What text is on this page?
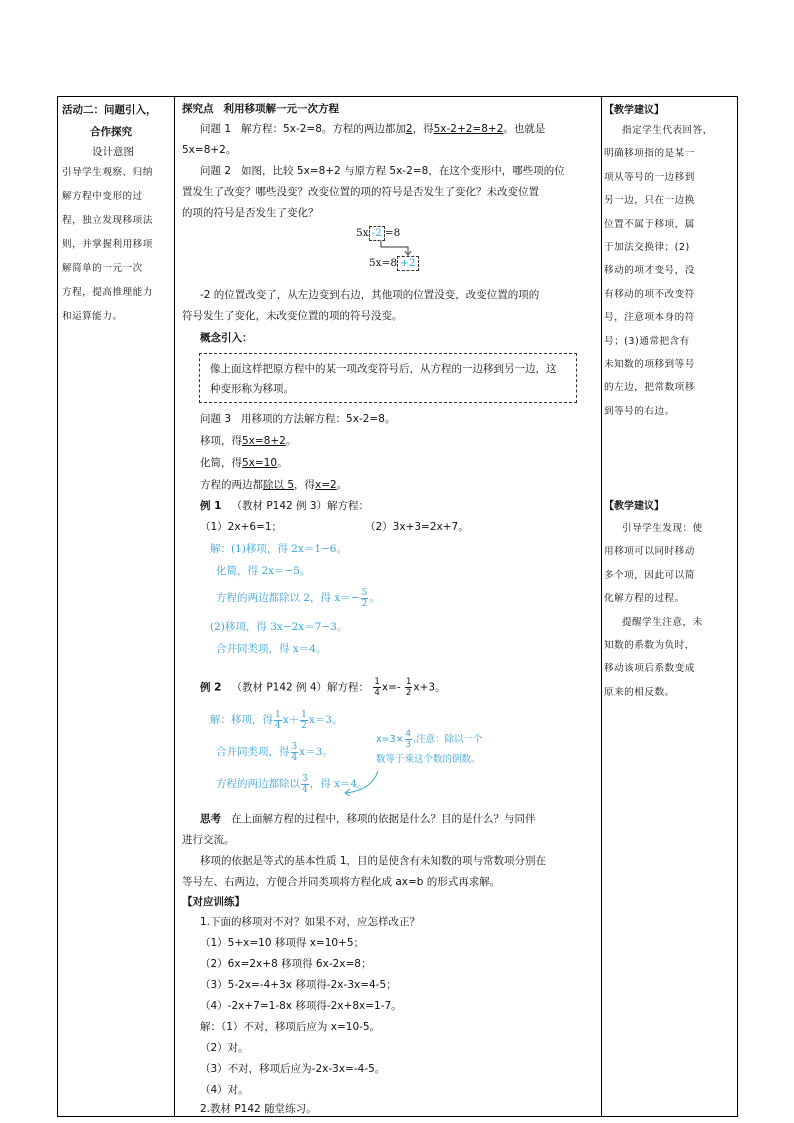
活动二：问题引入，
合作探究
设计意图
引导学生观察、归纳
解方程中变形的过
程，独立发现移项法
则，并掌握利用移项
解简单的一元一次
方程，提高推理能力
和运算能力。
探究点 利用移项解一元一次方程
问题 1 解方程：5x-2=8。方程的两边都加2，得5x-2+2=8+2。也就是
5x=8+2。
问题 2 如图，比较 5x=8+2 与原方程 5x-2=8，在这个变形中，哪些项的位
置发生了改变？哪些没变？改变位置的项的符号是否发生了变化？未改变位置
的项的符号是否发生了变化？
5x -2 =8
5x=8 +2
-2 的位置改变了，从左边变到右边，其他项的位置没变，改变位置的项的
符号发生了变化，未改变位置的项的符号没变。
概念引入：
像上面这样把原方程中的某一项改变符号后，从方程的一边移到另一边，这种变形称为移项。
问题 3 用移项的方法解方程：5x-2=8。
移项，得5x=8+2。
化简，得5x=10。
方程的两边都除以 5，得x=2。
例 1 （教材 P142 例 3）解方程：
（1）2x+6=1；	（2）3x+3=2x+7。
解：(1)移项，得 2x＝1−6。
化简，得 2x＝−5。
方程的两边都除以 2，得 $x=- \frac{5}{2}$ 。
(2)移项，得 3x−2x＝7−3。
合并同类项，得 x＝4。
例 2 （教材 P142 例 4）解方程： $\frac{1}{4} x=- \frac{1}{2} x+3$。
解：移项，得 $\frac{1}{4} x+ \frac{1}{2} x=3$。
合并同类项，得 $\frac{3}{4} x=3$。
方程的两边都除以 $\frac{3}{4}$ ，得 x＝4。
$x=3\times \frac{4}{3}$ .注意：除以一个
数等于乘这个数的倒数。
思考 在上面解方程的过程中，移项的依据是什么？目的是什么？与同伴
进行交流。
移项的依据是等式的基本性质 1，目的是使含有未知数的项与常数项分别在
等号左、右两边，方便合并同类项将方程化成 ax=b 的形式再求解。
【对应训练】
1.下面的移项对不对？如果不对，应怎样改正？
（1）5+x=10 移项得 x=10+5；
（2）6x=2x+8 移项得 6x-2x=8；
（3）5-2x=-4+3x 移项得-2x-3x=4-5；
（4）-2x+7=1-8x 移项得-2x+8x=1-7。
解：（1）不对，移项后应为 x=10-5。
（2）对。
（3）不对，移项后应为-2x-3x=-4-5。
（4）对。
2.教材 P142 随堂练习。
【教学建议】
指定学生代表回答，
明确移项指的是某一
项从等号的一边移到
另一边，只在一边换
位置不属于移项，属
于加法交换律；(2)
移动的项才变号，没
有移动的项不改变符
号，注意项本身的符
号；(3)通常把含有
未知数的项移到等号
的左边，把常数项移
到等号的右边。
【教学建议】
引导学生发现：使
用移项可以同时移动
多个项，因此可以简
化解方程的过程。
提醒学生注意，未
知数的系数为负时，
移动该项后系数变成
原来的相反数。
